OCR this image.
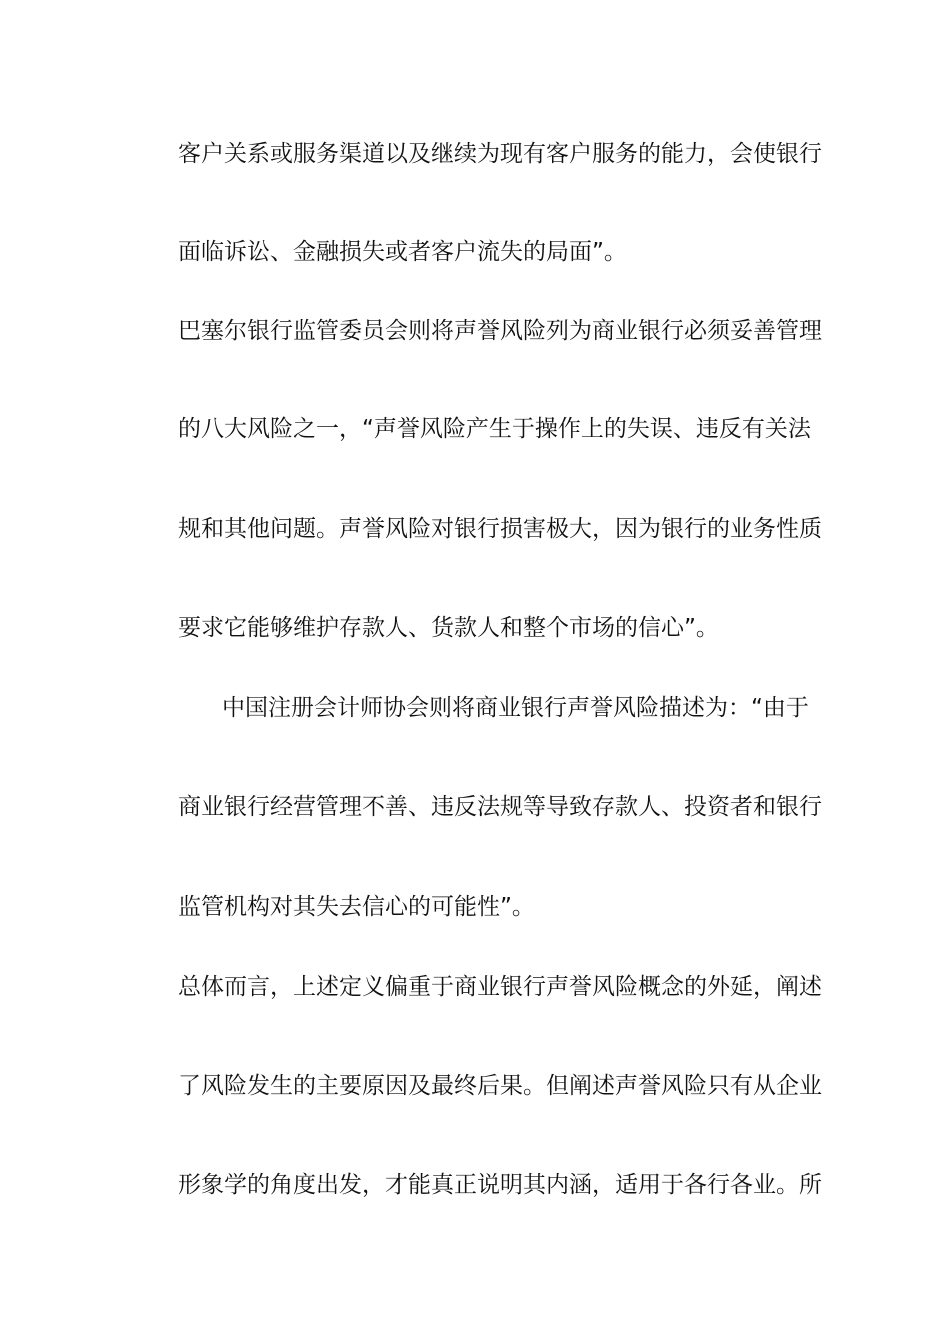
客户关系或服务渠道以及继续为现有客户服务的能力，会使银行
面临诉讼、金融损失或者客户流失的局面”。
巴塞尔银行监管委员会则将声誉风险列为商业银行必须妥善管理
的八大风险之一，“声誉风险产生于操作上的失误、违反有关法
规和其他问题。声誉风险对银行损害极大，因为银行的业务性质
要求它能够维护存款人、货款人和整个市场的信心”。
中国注册会计师协会则将商业银行声誉风险描述为：“由于
商业银行经营管理不善、违反法规等导致存款人、投资者和银行
监管机构对其失去信心的可能性”。
总体而言，上述定义偏重于商业银行声誉风险概念的外延，阐述
了风险发生的主要原因及最终后果。但阐述声誉风险只有从企业
形象学的角度出发，才能真正说明其内涵，适用于各行各业。所
